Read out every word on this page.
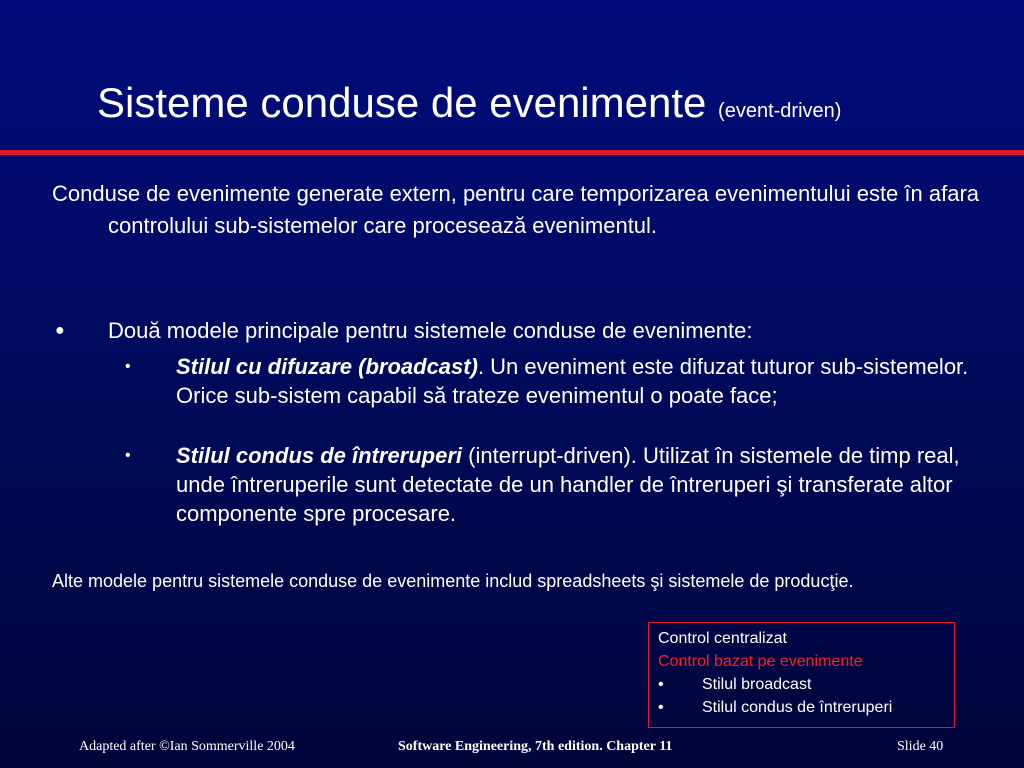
Sisteme conduse de evenimente (event-driven)
Conduse de evenimente generate extern, pentru care temporizarea evenimentului este în afara controlului sub-sistemelor care procesează evenimentul.
● Două modele principale pentru sistemele conduse de evenimente:
• Stilul cu difuzare (broadcast). Un eveniment este difuzat tuturor sub-sistemelor. Orice sub-sistem capabil să trateze evenimentul o poate face;
• Stilul condus de întreruperi (interrupt-driven). Utilizat în sistemele de timp real, unde întreruperile sunt detectate de un handler de întreruperi şi transferate altor componente spre procesare.
Alte modele pentru sistemele conduse de evenimente includ spreadsheets şi sistemele de producţie.
Control centralizat
Control bazat pe evenimente
• Stilul broadcast
• Stilul condus de întreruperi
Adapted after ©Ian Sommerville 2004	Software Engineering, 7th edition. Chapter 11	Slide 40
